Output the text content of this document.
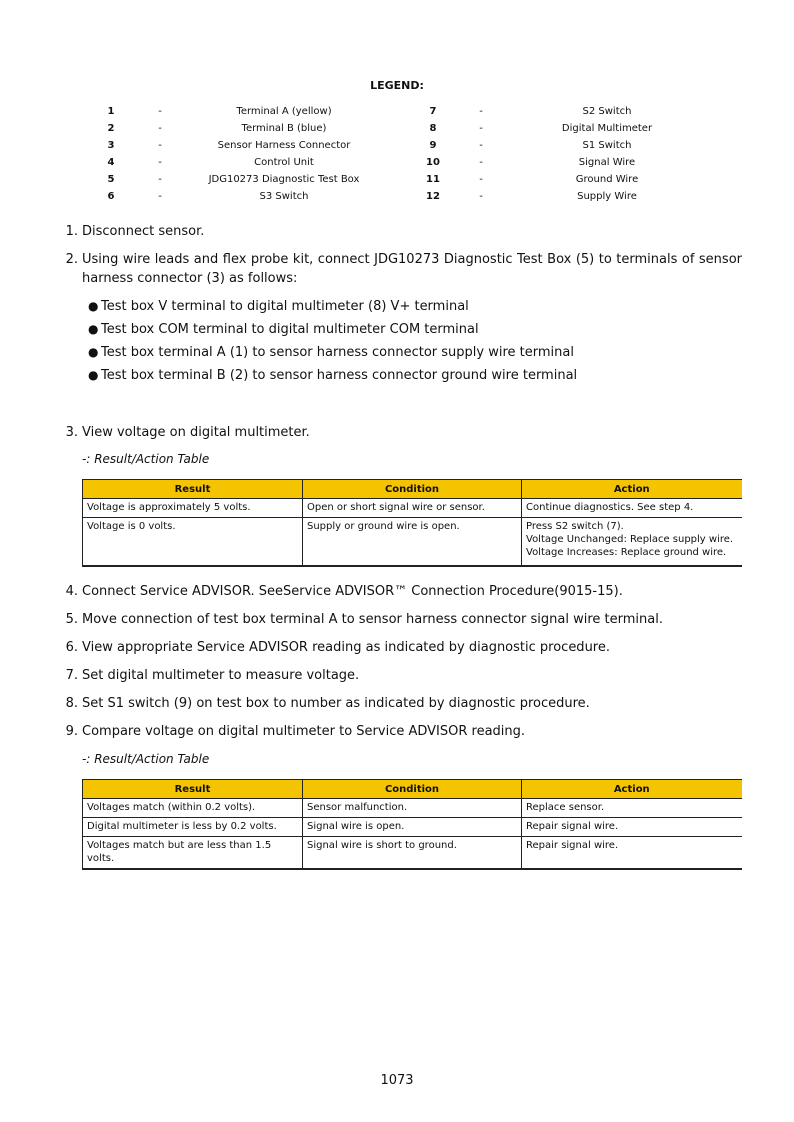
LEGEND:
1	-	Terminal A (yellow)	7	-	S2 Switch
2	-	Terminal B (blue)	8	-	Digital Multimeter
3	-	Sensor Harness Connector	9	-	S1 Switch
4	-	Control Unit	10	-	Signal Wire
5	-	JDG10273 Diagnostic Test Box	11	-	Ground Wire
6	-	S3 Switch	12	-	Supply Wire
1. Disconnect sensor.
2. Using wire leads and flex probe kit, connect JDG10273 Diagnostic Test Box (5) to terminals of sensor harness connector (3) as follows:
● Test box V terminal to digital multimeter (8) V+ terminal
● Test box COM terminal to digital multimeter COM terminal
● Test box terminal A (1) to sensor harness connector supply wire terminal
● Test box terminal B (2) to sensor harness connector ground wire terminal
3. View voltage on digital multimeter.
-: Result/Action Table
Result	Condition	Action
Voltage is approximately 5 volts.	Open or short signal wire or sensor.	Continue diagnostics. See step 4.
Voltage is 0 volts.	Supply or ground wire is open.	Press S2 switch (7).
Voltage Unchanged: Replace supply wire.
Voltage Increases: Replace ground wire.
4. Connect Service ADVISOR. SeeService ADVISOR™ Connection Procedure(9015-15).
5. Move connection of test box terminal A to sensor harness connector signal wire terminal.
6. View appropriate Service ADVISOR reading as indicated by diagnostic procedure.
7. Set digital multimeter to measure voltage.
8. Set S1 switch (9) on test box to number as indicated by diagnostic procedure.
9. Compare voltage on digital multimeter to Service ADVISOR reading.
-: Result/Action Table
Result	Condition	Action
Voltages match (within 0.2 volts).	Sensor malfunction.	Replace sensor.
Digital multimeter is less by 0.2 volts.	Signal wire is open.	Repair signal wire.
Voltages match but are less than 1.5 volts.	Signal wire is short to ground.	Repair signal wire.
1073
